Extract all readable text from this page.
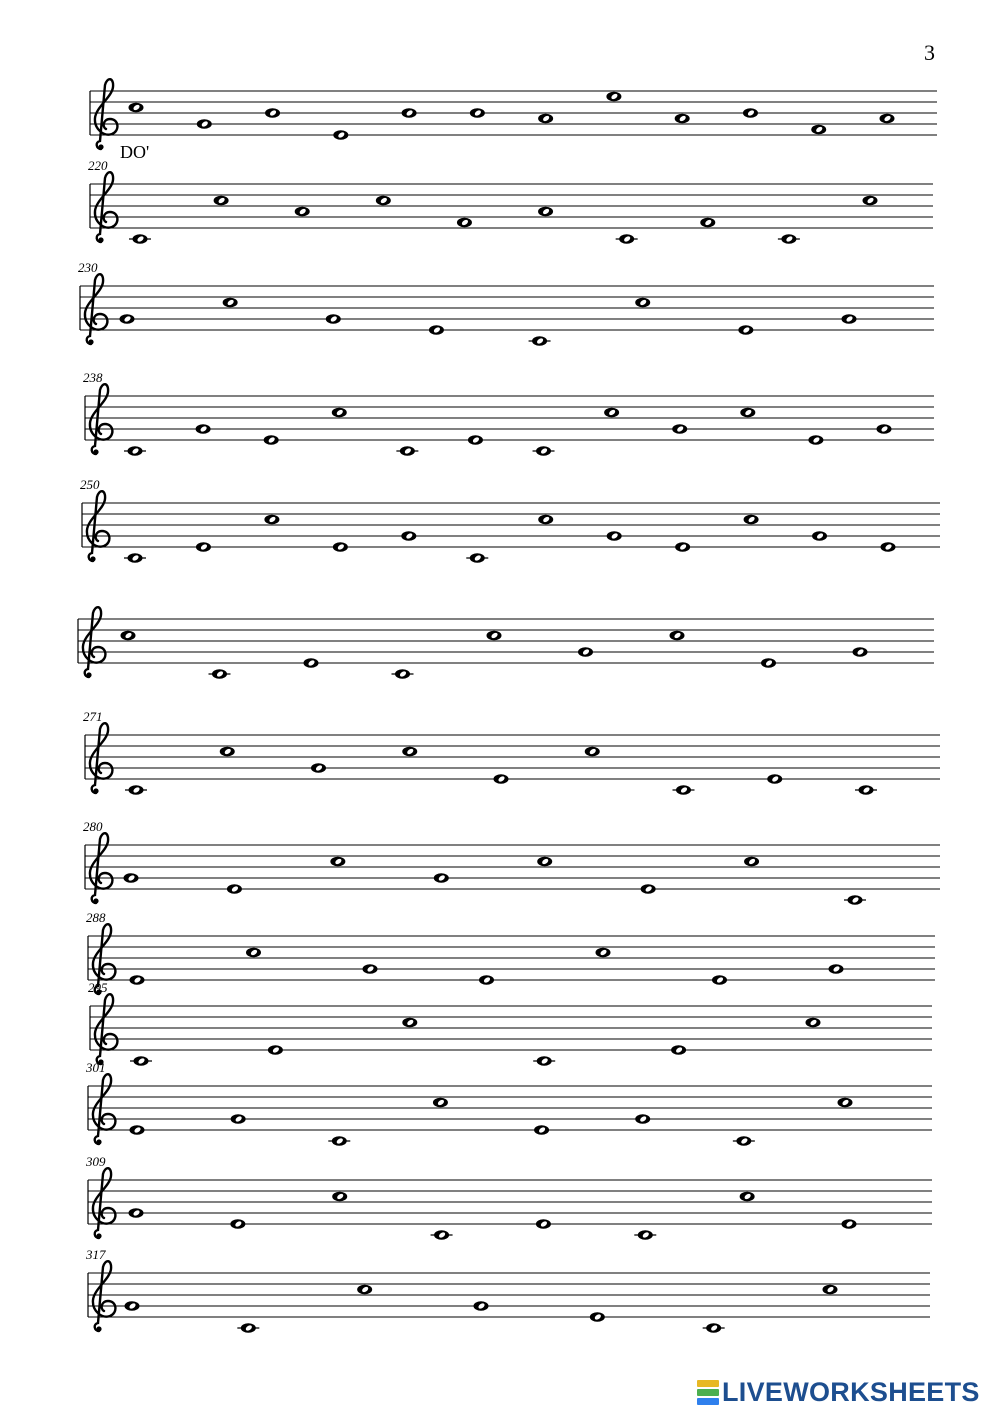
3
DO'
220
230
238
250
271
280
288
295
301
309
317
LIVEWORKSHEETS
